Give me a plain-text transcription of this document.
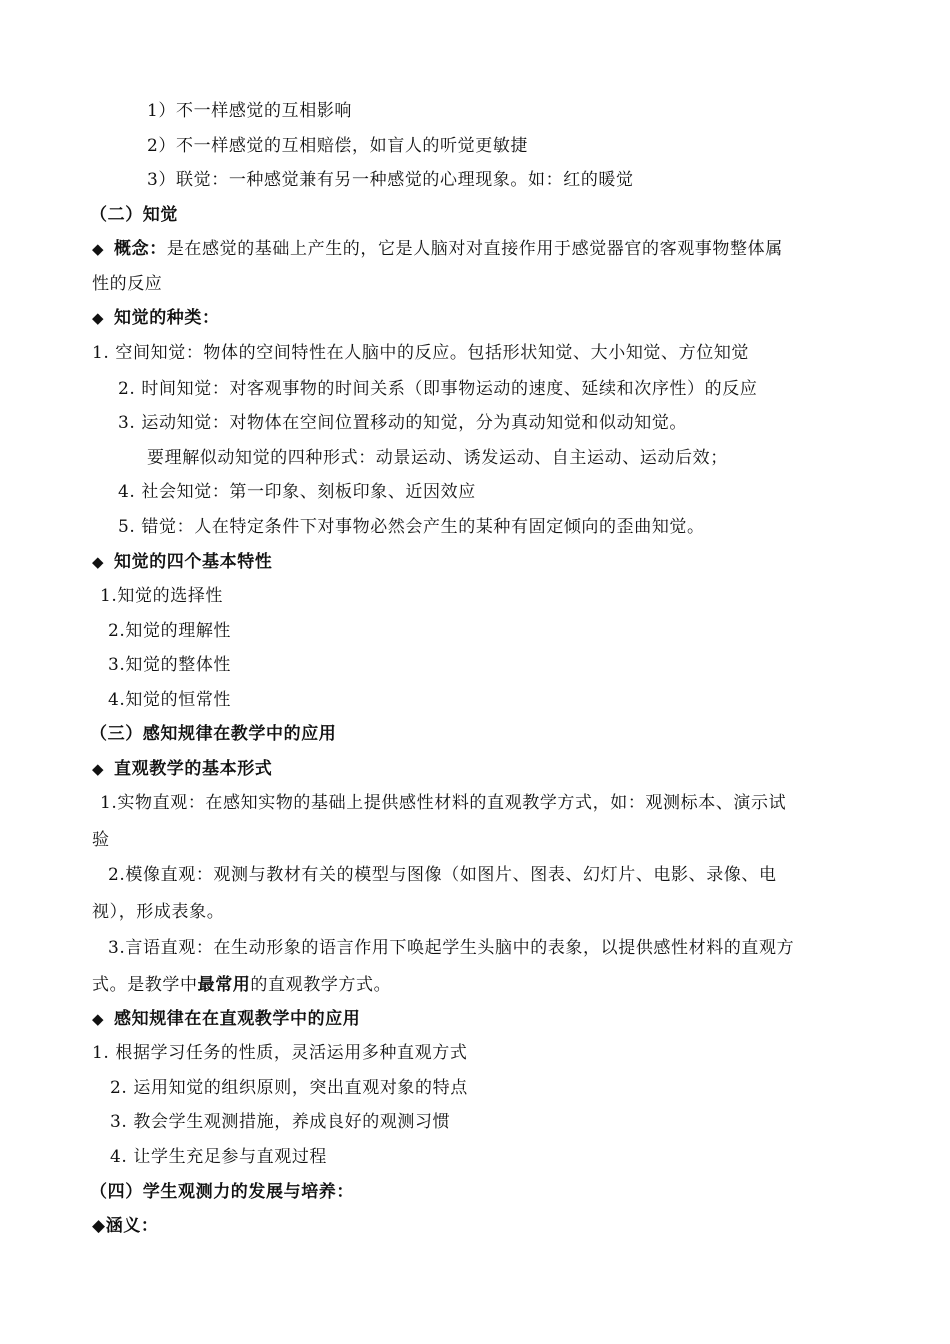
1）不一样感觉的互相影响
2）不一样感觉的互相赔偿，如盲人的听觉更敏捷
3）联觉：一种感觉兼有另一种感觉的心理现象。如：红的暖觉
（二）知觉
◆ 概念：是在感觉的基础上产生的，它是人脑对对直接作用于感觉器官的客观事物整体属
性的反应
◆ 知觉的种类：
1. 空间知觉：物体的空间特性在人脑中的反应。包括形状知觉、大小知觉、方位知觉
2. 时间知觉：对客观事物的时间关系（即事物运动的速度、延续和次序性）的反应
3. 运动知觉：对物体在空间位置移动的知觉，分为真动知觉和似动知觉。
要理解似动知觉的四种形式：动景运动、诱发运动、自主运动、运动后效；
4. 社会知觉：第一印象、刻板印象、近因效应
5. 错觉：人在特定条件下对事物必然会产生的某种有固定倾向的歪曲知觉。
◆ 知觉的四个基本特性
1.知觉的选择性
2.知觉的理解性
3.知觉的整体性
4.知觉的恒常性
（三）感知规律在教学中的应用
◆ 直观教学的基本形式
1.实物直观：在感知实物的基础上提供感性材料的直观教学方式，如：观测标本、演示试
验
2.模像直观：观测与教材有关的模型与图像（如图片、图表、幻灯片、电影、录像、电
视），形成表象。
3.言语直观：在生动形象的语言作用下唤起学生头脑中的表象，以提供感性材料的直观方
式。是教学中最常用的直观教学方式。
◆ 感知规律在在直观教学中的应用
1. 根据学习任务的性质，灵活运用多种直观方式
2. 运用知觉的组织原则，突出直观对象的特点
3. 教会学生观测措施，养成良好的观测习惯
4. 让学生充足参与直观过程
（四）学生观测力的发展与培养：
◆涵义：
